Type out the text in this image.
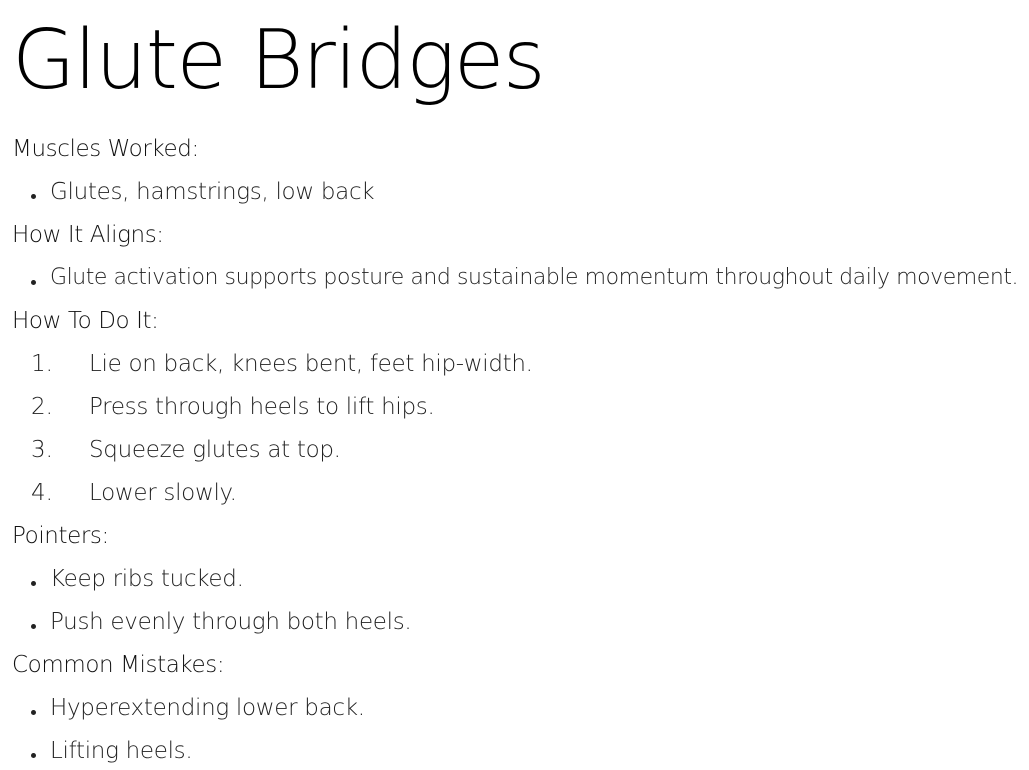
Glute Bridges
Muscles Worked:
Glutes, hamstrings, low back
How It Aligns:
Glute activation supports posture and sustainable momentum throughout daily movement.
How To Do It:
1. Lie on back, knees bent, feet hip-width.
2. Press through heels to lift hips.
3. Squeeze glutes at top.
4. Lower slowly.
Pointers:
Keep ribs tucked.
Push evenly through both heels.
Common Mistakes:
Hyperextending lower back.
Lifting heels.
